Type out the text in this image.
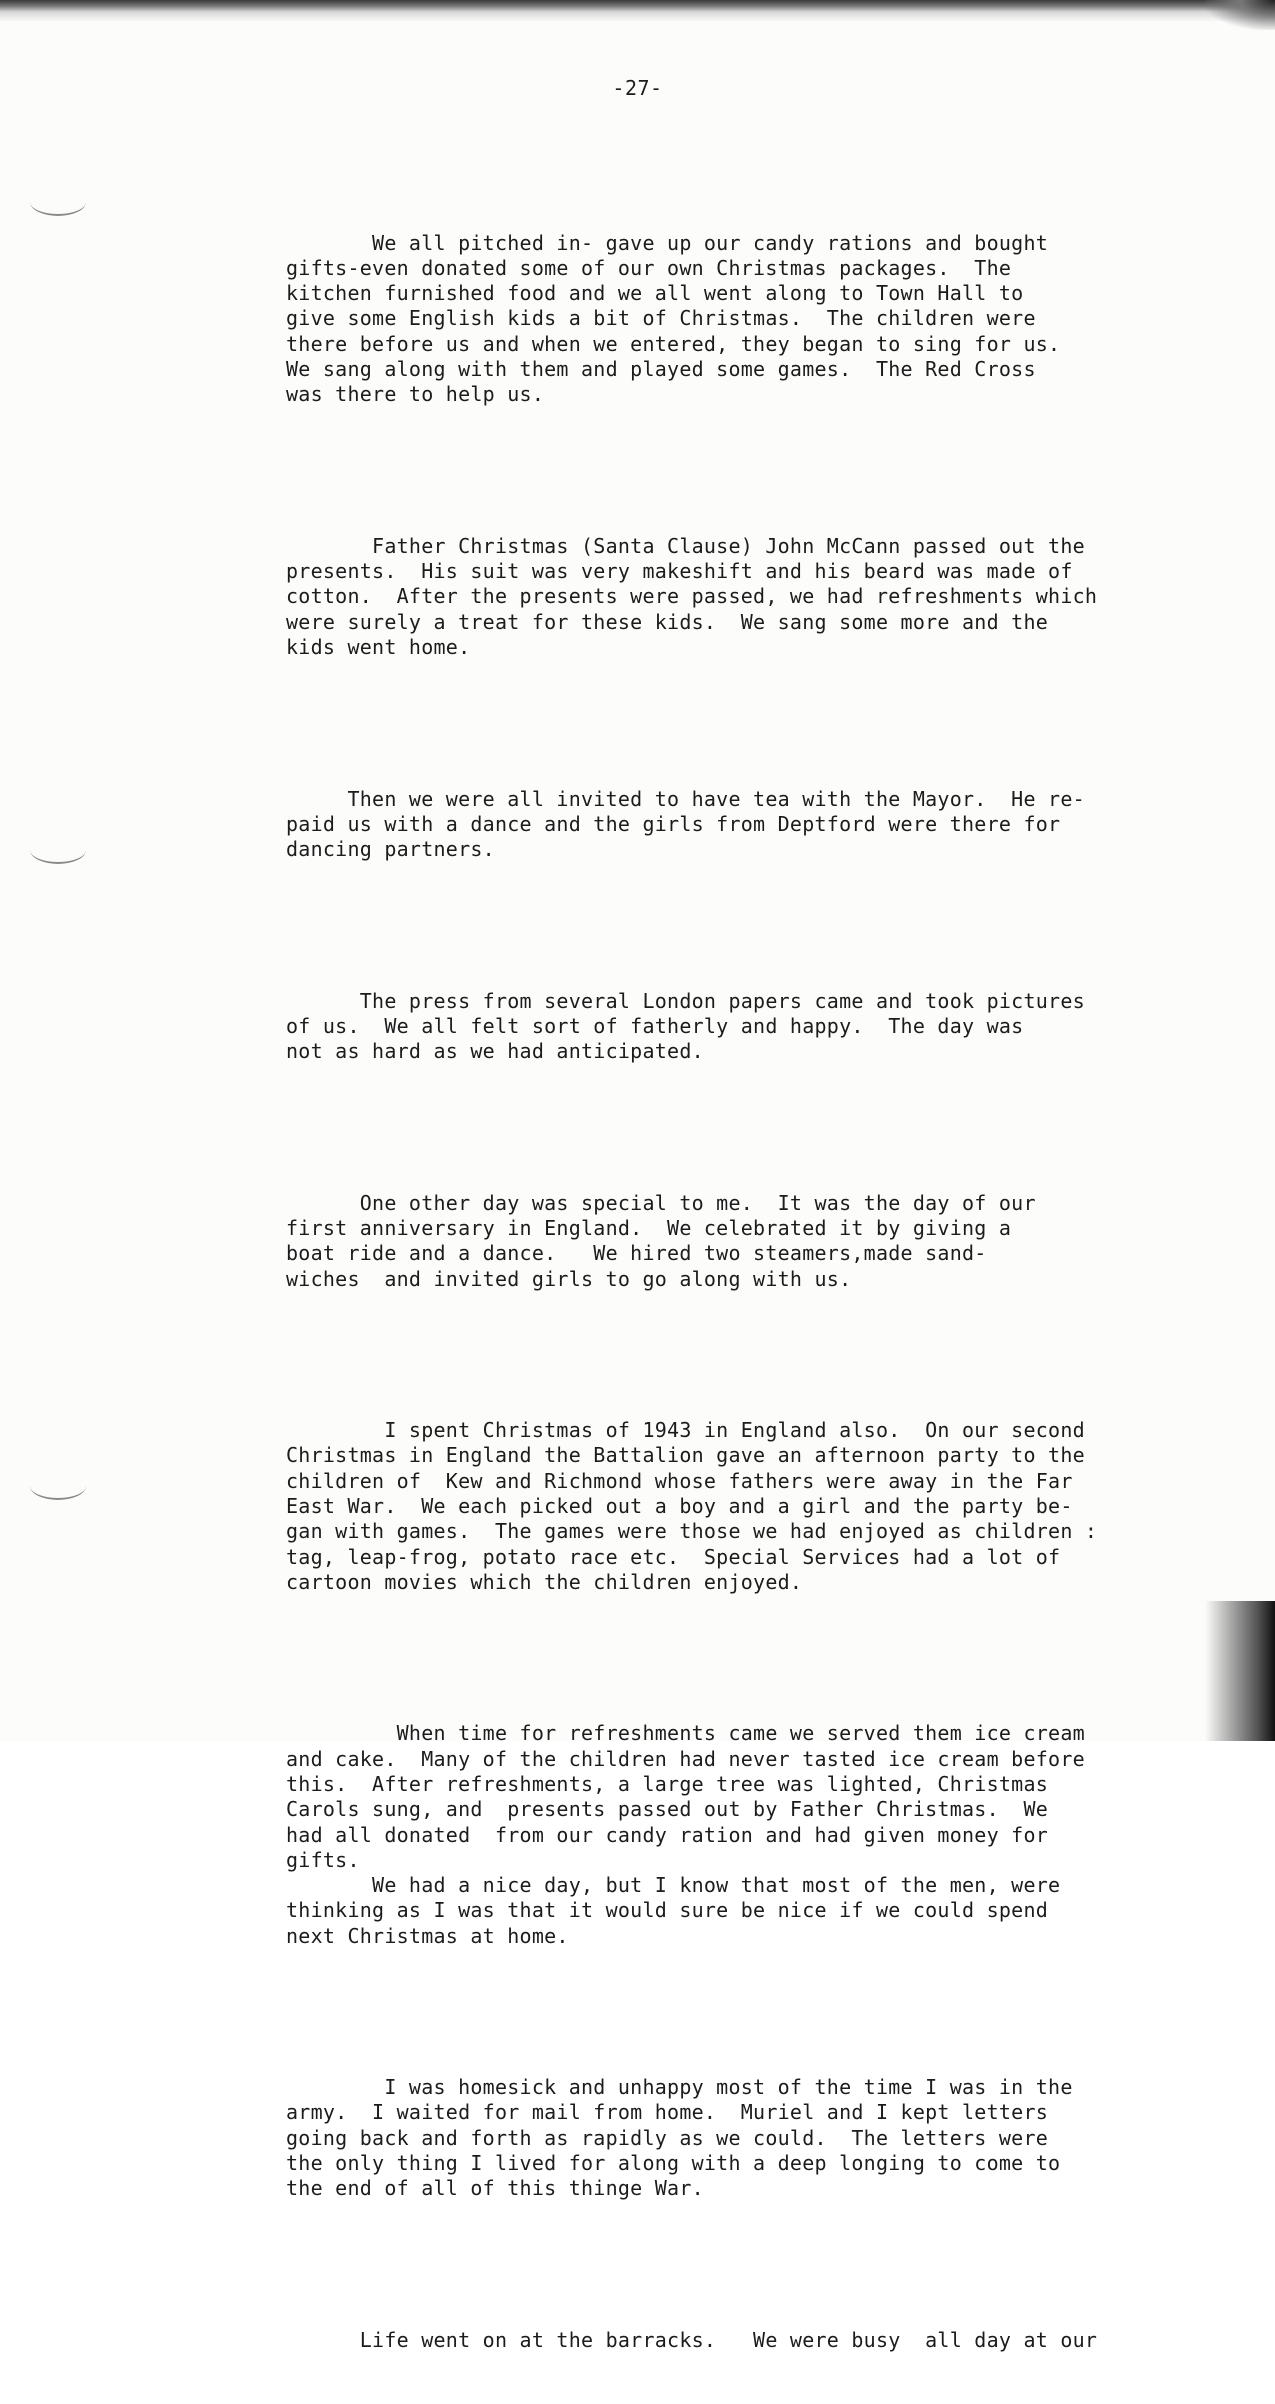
-27-

We all pitched in- gave up our candy rations and bought
gifts-even donated some of our own Christmas packages.  The
kitchen furnished food and we all went along to Town Hall to
give some English kids a bit of Christmas.  The children were
there before us and when we entered, they began to sing for us.
We sang along with them and played some games.  The Red Cross
was there to help us.

Father Christmas (Santa Clause) John McCann passed out the
presents.  His suit was very makeshift and his beard was made of
cotton.  After the presents were passed, we had refreshments which
were surely a treat for these kids.  We sang some more and the
kids went home.

Then we were all invited to have tea with the Mayor.  He re-
paid us with a dance and the girls from Deptford were there for
dancing partners.

The press from several London papers came and took pictures
of us.  We all felt sort of fatherly and happy.  The day was
not as hard as we had anticipated.

One other day was special to me.  It was the day of our
first anniversary in England.  We celebrated it by giving a
boat ride and a dance.   We hired two steamers,made sand-
wiches  and invited girls to go along with us.

I spent Christmas of 1943 in England also.  On our second
Christmas in England the Battalion gave an afternoon party to the
children of  Kew and Richmond whose fathers were away in the Far
East War.  We each picked out a boy and a girl and the party be-
gan with games.  The games were those we had enjoyed as children :
tag, leap-frog, potato race etc.  Special Services had a lot of
cartoon movies which the children enjoyed.

When time for refreshments came we served them ice cream
and cake.  Many of the children had never tasted ice cream before
this.  After refreshments, a large tree was lighted, Christmas
Carols sung, and  presents passed out by Father Christmas.  We
had all donated  from our candy ration and had given money for
gifts.
We had a nice day, but I know that most of the men, were
thinking as I was that it would sure be nice if we could spend
next Christmas at home.

I was homesick and unhappy most of the time I was in the
army.  I waited for mail from home.  Muriel and I kept letters
going back and forth as rapidly as we could.  The letters were
the only thing I lived for along with a deep longing to come to
the end of all of this thinge War.

Life went on at the barracks.   We were busy  all day at our
